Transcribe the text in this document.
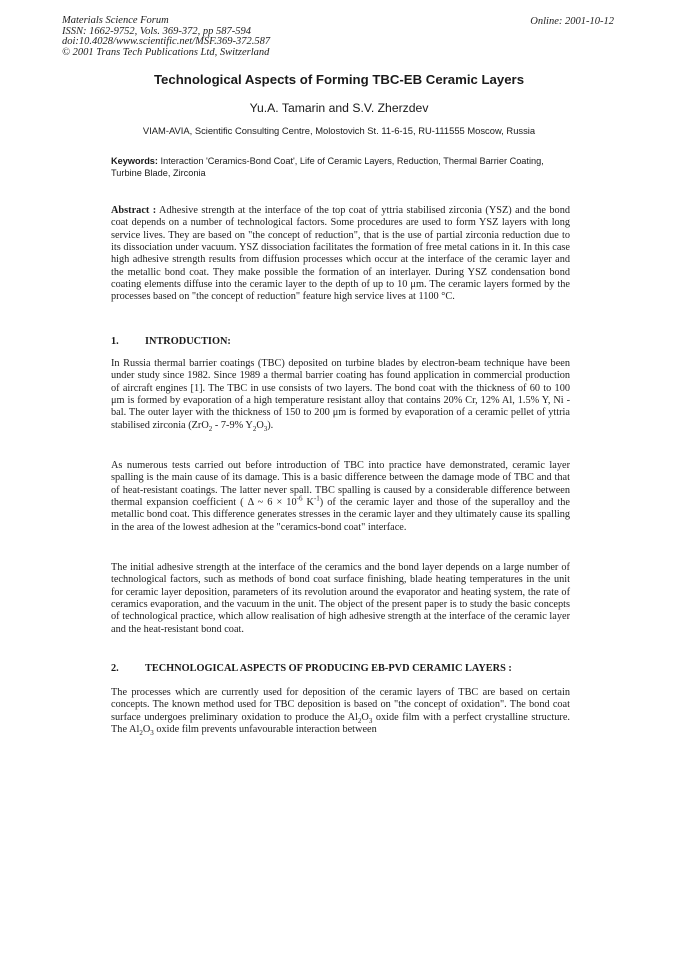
Materials Science Forum
ISSN: 1662-9752, Vols. 369-372, pp 587-594
doi:10.4028/www.scientific.net/MSF.369-372.587
© 2001 Trans Tech Publications Ltd, Switzerland
Online: 2001-10-12
Technological Aspects of Forming TBC-EB Ceramic Layers
Yu.A. Tamarin and S.V. Zherzdev
VIAM-AVIA, Scientific Consulting Centre, Molostovich St. 11-6-15, RU-111555 Moscow, Russia
Keywords: Interaction 'Ceramics-Bond Coat', Life of Ceramic Layers, Reduction, Thermal Barrier Coating, Turbine Blade, Zirconia
Abstract : Adhesive strength at the interface of the top coat of yttria stabilised zirconia (YSZ) and the bond coat depends on a number of technological factors. Some procedures are used to form YSZ layers with long service lives. They are based on "the concept of reduction", that is the use of partial zirconia reduction due to its dissociation under vacuum. YSZ dissociation facilitates the formation of free metal cations in it. In this case high adhesive strength results from diffusion processes which occur at the interface of the ceramic layer and the metallic bond coat. They make possible the formation of an interlayer. During YSZ condensation bond coating elements diffuse into the ceramic layer to the depth of up to 10 μm. The ceramic layers formed by the processes based on "the concept of reduction" feature high service lives at 1100 °C.
1.	INTRODUCTION:
In Russia thermal barrier coatings (TBC) deposited on turbine blades by electron-beam technique have been under study since 1982. Since 1989 a thermal barrier coating has found application in commercial production of aircraft engines [1]. The TBC in use consists of two layers. The bond coat with the thickness of 60 to 100 μm is formed by evaporation of a high temperature resistant alloy that contains 20% Cr, 12% Al, 1.5% Y, Ni - bal. The outer layer with the thickness of 150 to 200 μm is formed by evaporation of a ceramic pellet of yttria stabilised zirconia (ZrO$_2$ - 7-9% $Y_2O_3$).
As numerous tests carried out before introduction of TBC into practice have demonstrated, ceramic layer spalling is the main cause of its damage. This is a basic difference between the damage mode of TBC and that of heat-resistant coatings. The latter never spall. TBC spalling is caused by a considerable difference between thermal expansion coefficient ( Δ ~ $6 \times 10^{-6}$ $K^{-1}$) of the ceramic layer and those of the superalloy and the metallic bond coat. This difference generates stresses in the ceramic layer and they ultimately cause its spalling in the area of the lowest adhesion at the "ceramics-bond coat" interface.
The initial adhesive strength at the interface of the ceramics and the bond layer depends on a large number of technological factors, such as methods of bond coat surface finishing, blade heating temperatures in the unit for ceramic layer deposition, parameters of its revolution around the evaporator and heating system, the rate of ceramics evaporation, and the vacuum in the unit. The object of the present paper is to study the basic concepts of technological practice, which allow realisation of high adhesive strength at the interface of the ceramic layer and the heat-resistant bond coat.
2.	TECHNOLOGICAL ASPECTS OF PRODUCING EB-PVD CERAMIC LAYERS :
The processes which are currently used for deposition of the ceramic layers of TBC are based on certain concepts. The known method used for TBC deposition is based on "the concept of oxidation". The bond coat surface undergoes preliminary oxidation to produce the $Al_2O_3$ oxide film with a perfect crystalline structure. The $Al_2O_3$ oxide film prevents unfavourable interaction between
